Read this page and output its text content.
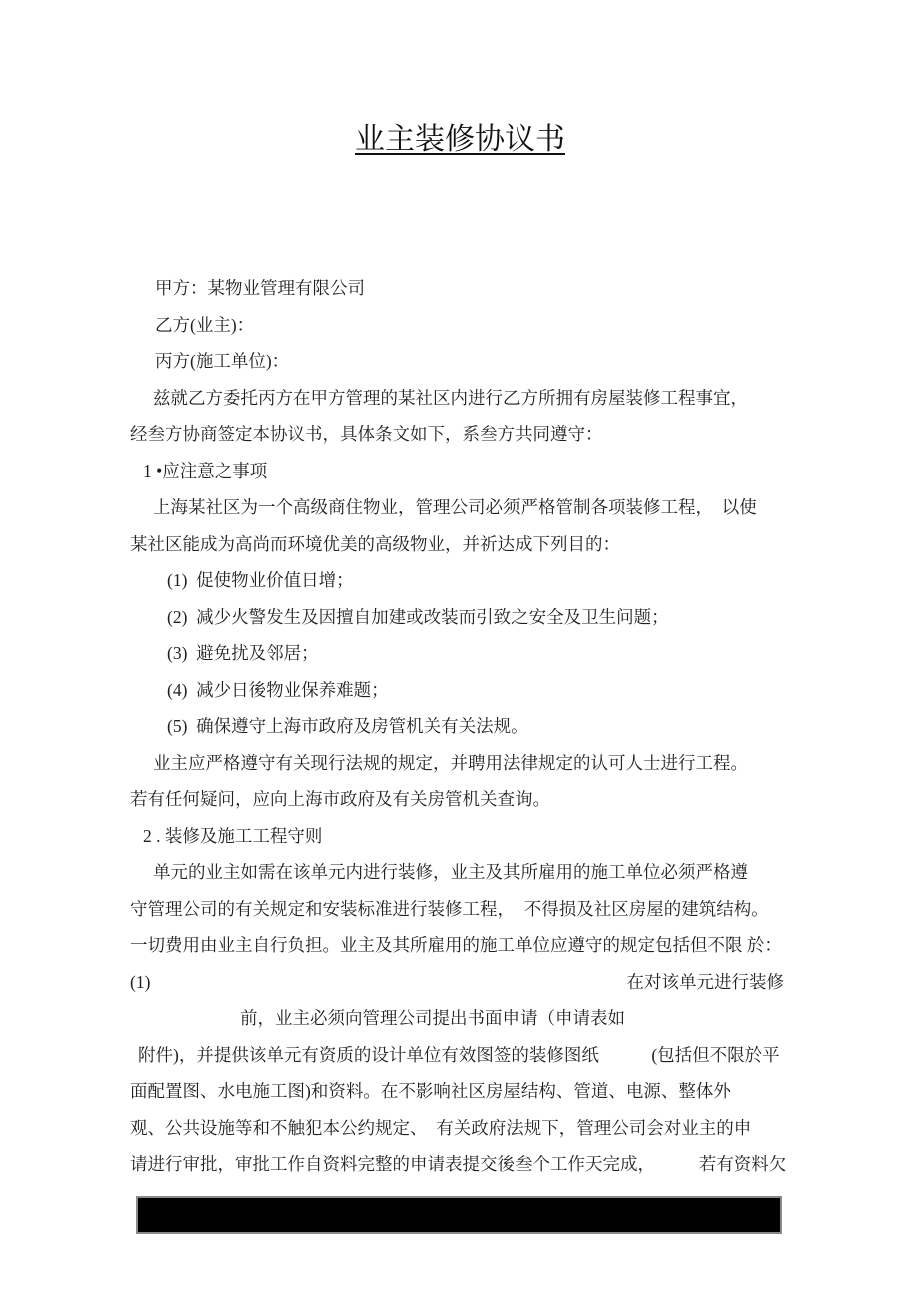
业主装修协议书
甲方：某物业管理有限公司
乙方(业主)：
丙方(施工单位)：
兹就乙方委托丙方在甲方管理的某社区内进行乙方所拥有房屋装修工程事宜，
经叁方协商签定本协议书，具体条文如下，系叁方共同遵守：
1 •应注意之事项
上海某社区为一个高级商住物业，管理公司必须严格管制各项装修工程，　以使
某社区能成为高尚而环境优美的高级物业，并祈达成下列目的：
(1)  促使物业价值日增；
(2)  减少火警发生及因擅自加建或改装而引致之安全及卫生问题；
(3)  避免扰及邻居；
(4)  减少日後物业保养难题；
(5)  确保遵守上海市政府及房管机关有关法规。
业主应严格遵守有关现行法规的规定，并聘用法律规定的认可人士进行工程。
若有任何疑问，应向上海市政府及有关房管机关查询。
2 . 装修及施工工程守则
单元的业主如需在该单元内进行装修，业主及其所雇用的施工单位必须严格遵
守管理公司的有关规定和安装标准进行装修工程，　不得损及社区房屋的建筑结构。
一切费用由业主自行负担。业主及其所雇用的施工单位应遵守的规定包括但不限 於：
(1)	在对该单元进行装修
前，业主必须向管理公司提出书面申请（申请表如
附件)，并提供该单元有资质的设计单位有效图签的装修图纸　　　(包括但不限於平
面配置图、水电施工图)和资料。在不影响社区房屋结构、管道、电源、整体外
观、公共设施等和不触犯本公约规定、　有关政府法规下，管理公司会对业主的申
请进行审批，审批工作自资料完整的申请表提交後叁个工作天完成，　　　若有资料欠
